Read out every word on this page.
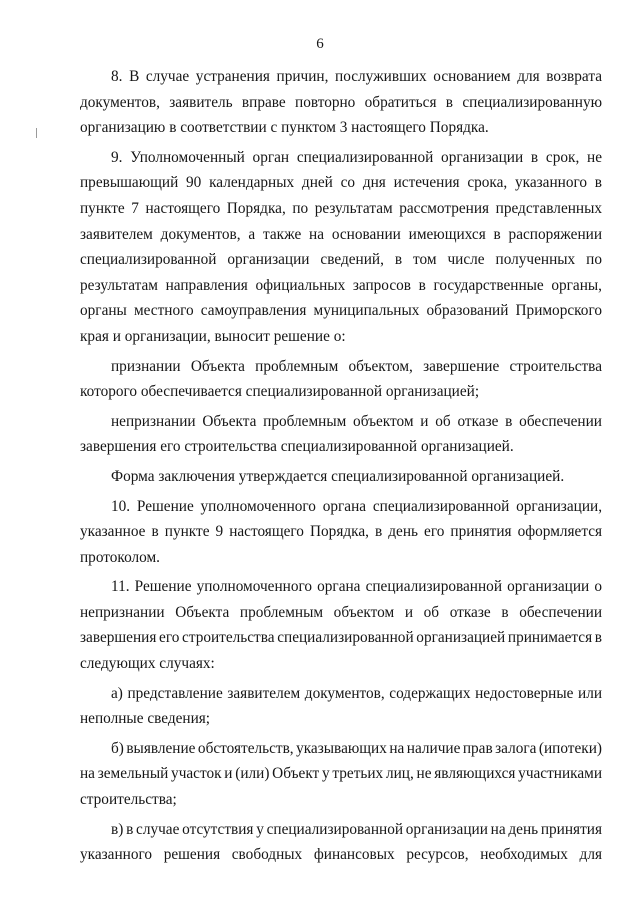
6
8. В случае устранения причин, послуживших основанием для возврата
документов, заявитель вправе повторно обратиться в специализированную
организацию в соответствии с пунктом 3 настоящего Порядка.
9. Уполномоченный орган специализированной организации в срок, не
превышающий 90 календарных дней со дня истечения срока, указанного в
пункте 7 настоящего Порядка, по результатам рассмотрения представленных
заявителем документов, а также на основании имеющихся в распоряжении
специализированной организации сведений, в том числе полученных по
результатам направления официальных запросов в государственные органы,
органы местного самоуправления муниципальных образований Приморского
края и организации, выносит решение о:
признании Объекта проблемным объектом, завершение строительства
которого обеспечивается специализированной организацией;
непризнании Объекта проблемным объектом и об отказе в обеспечении
завершения его строительства специализированной организацией.
Форма заключения утверждается специализированной организацией.
10. Решение уполномоченного органа специализированной организации,
указанное в пункте 9 настоящего Порядка, в день его принятия оформляется
протоколом.
11. Решение уполномоченного органа специализированной организации о
непризнании Объекта проблемным объектом и об отказе в обеспечении
завершения его строительства специализированной организацией принимается в
следующих случаях:
а) представление заявителем документов, содержащих недостоверные или
неполные сведения;
б) выявление обстоятельств, указывающих на наличие прав залога (ипотеки)
на земельный участок и (или) Объект у третьих лиц, не являющихся участниками
строительства;
в) в случае отсутствия у специализированной организации на день принятия
указанного решения свободных финансовых ресурсов, необходимых для
